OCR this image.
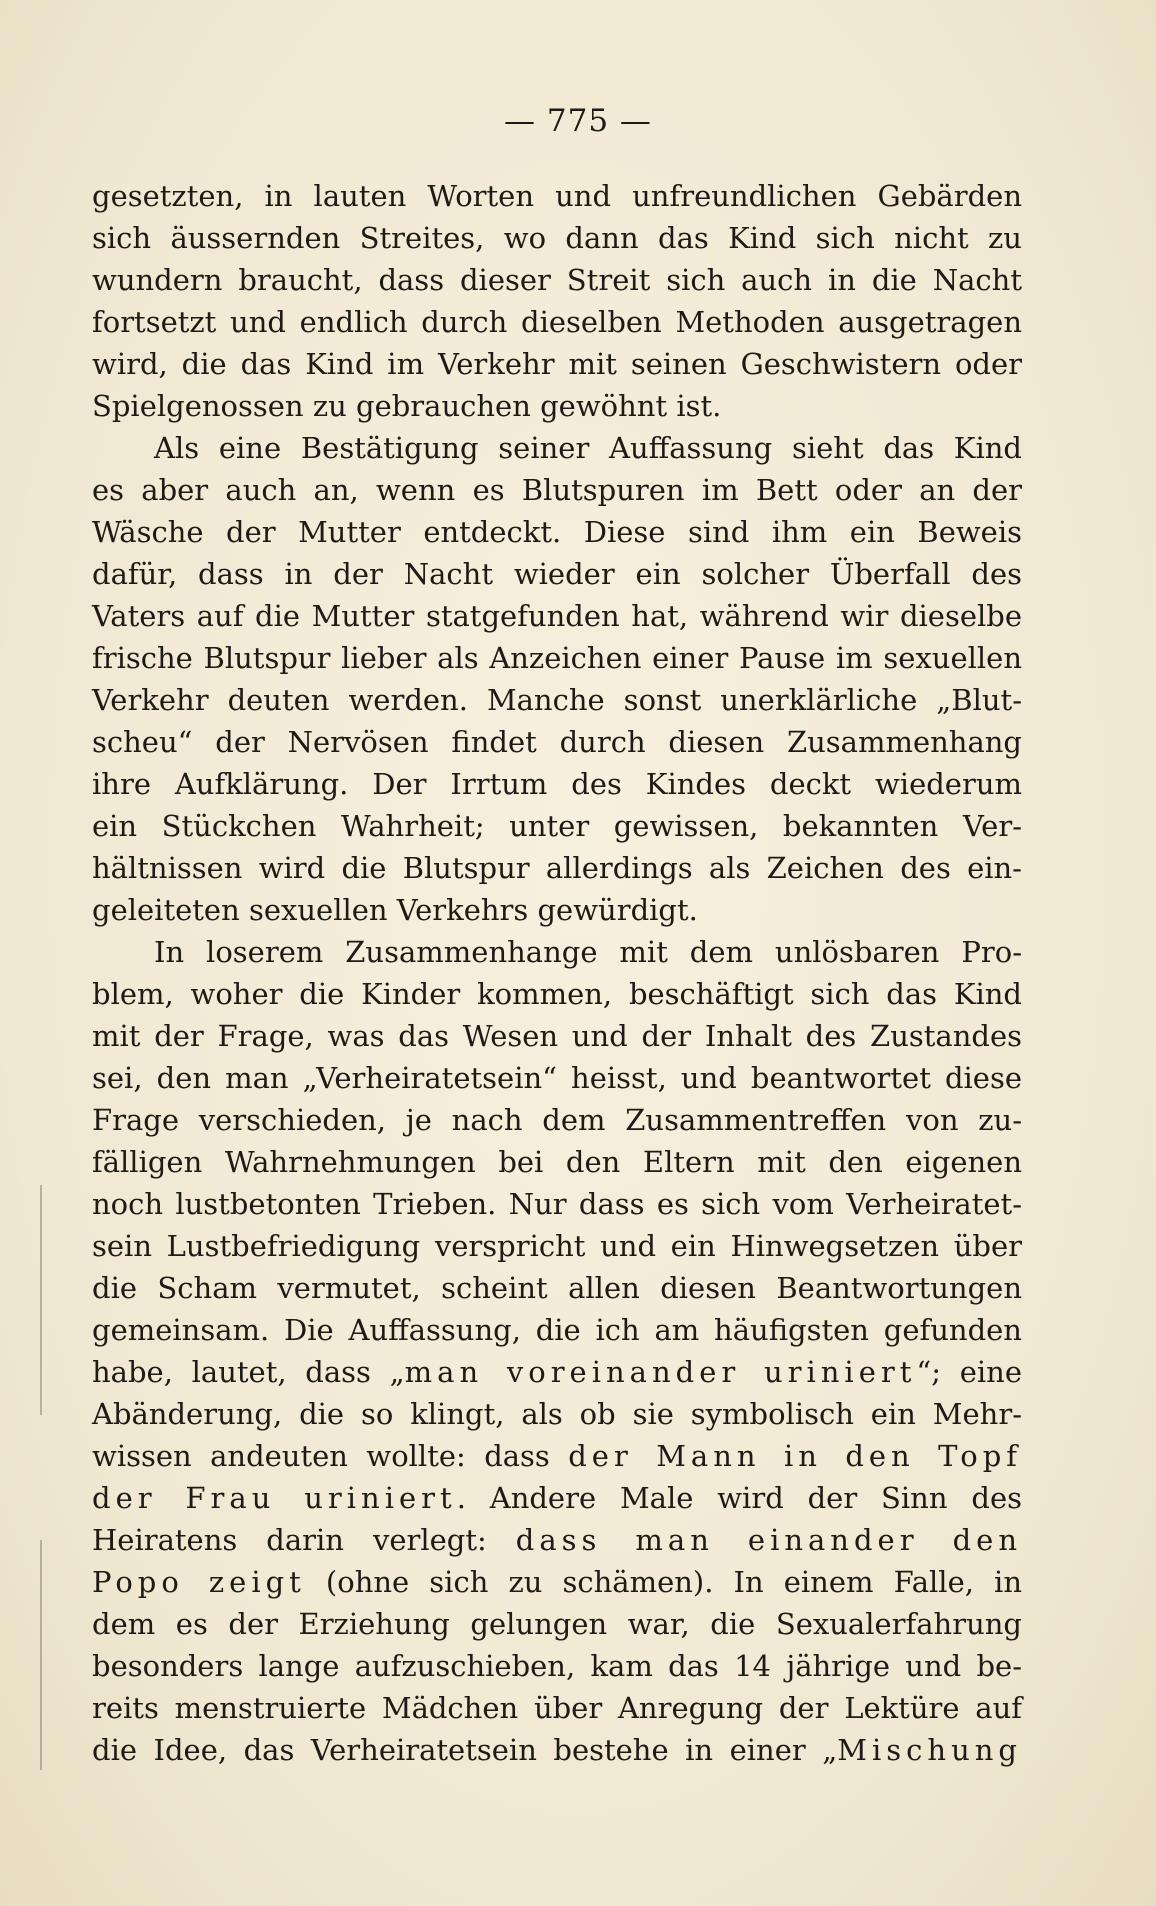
— 775 —
gesetzten, in lauten Worten und unfreundlichen Gebärden
sich äussernden Streites, wo dann das Kind sich nicht zu
wundern braucht, dass dieser Streit sich auch in die Nacht
fortsetzt und endlich durch dieselben Methoden ausgetragen
wird, die das Kind im Verkehr mit seinen Geschwistern oder
Spielgenossen zu gebrauchen gewöhnt ist.
Als eine Bestätigung seiner Auffassung sieht das Kind
es aber auch an, wenn es Blutspuren im Bett oder an der
Wäsche der Mutter entdeckt. Diese sind ihm ein Beweis
dafür, dass in der Nacht wieder ein solcher Überfall des
Vaters auf die Mutter statgefunden hat, während wir dieselbe
frische Blutspur lieber als Anzeichen einer Pause im sexuellen
Verkehr deuten werden. Manche sonst unerklärliche „Blut-
scheu“ der Nervösen findet durch diesen Zusammenhang
ihre Aufklärung. Der Irrtum des Kindes deckt wiederum
ein Stückchen Wahrheit; unter gewissen, bekannten Ver-
hältnissen wird die Blutspur allerdings als Zeichen des ein-
geleiteten sexuellen Verkehrs gewürdigt.
In loserem Zusammenhange mit dem unlösbaren Pro-
blem, woher die Kinder kommen, beschäftigt sich das Kind
mit der Frage, was das Wesen und der Inhalt des Zustandes
sei, den man „Verheiratetsein“ heisst, und beantwortet diese
Frage verschieden, je nach dem Zusammentreffen von zu-
fälligen Wahrnehmungen bei den Eltern mit den eigenen
noch lustbetonten Trieben. Nur dass es sich vom Verheiratet-
sein Lustbefriedigung verspricht und ein Hinwegsetzen über
die Scham vermutet, scheint allen diesen Beantwortungen
gemeinsam. Die Auffassung, die ich am häufigsten gefunden
habe, lautet, dass „man voreinander uriniert“; eine
Abänderung, die so klingt, als ob sie symbolisch ein Mehr-
wissen andeuten wollte: dass der Mann in den Topf
der Frau uriniert. Andere Male wird der Sinn des
Heiratens darin verlegt: dass man einander den
Popo zeigt (ohne sich zu schämen). In einem Falle, in
dem es der Erziehung gelungen war, die Sexualerfahrung
besonders lange aufzuschieben, kam das 14 jährige und be-
reits menstruierte Mädchen über Anregung der Lektüre auf
die Idee, das Verheiratetsein bestehe in einer „Mischung
